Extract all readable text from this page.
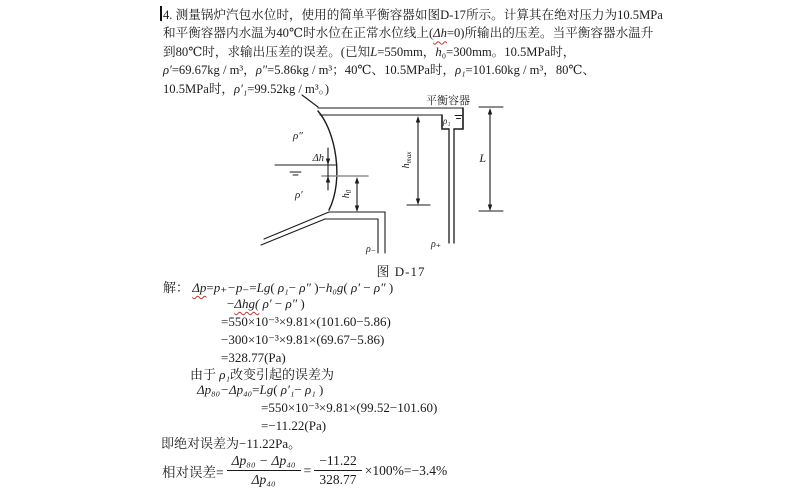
4. 测量锅炉汽包水位时，使用的简单平衡容器如图D-17所示。计算其在绝对压力为10.5MPa
和平衡容器内水温为40℃时水位在正常水位线上(Δh=0)所输出的压差。当平衡容器水温升
到80℃时，求输出压差的误差。(已知L=550mm，h₀=300mm。10.5MPa时，
ρ′=69.67kg / m³，ρ″=5.86kg / m³；40℃、10.5MPa时，ρ₁=101.60kg / m³，80℃、
10.5MPa时，ρ′₁=99.52kg / m³。)
平衡容器
ρ₁
ρ″
ρ′
Δh
$h_0$
$h_{max}$	L
ρ₋	ρ₊
图 D-17
解： Δp=p₊−p₋=Lg( ρ₁− ρ″ )−h₀g( ρ′ − ρ″ )
−Δhg( ρ′ − ρ″ )
=550×10⁻³×9.81×(101.60−5.86)
−300×10⁻³×9.81×(69.67−5.86)
=328.77(Pa)
由于 ρ₁改变引起的误差为
Δp₈₀−Δp₄₀=Lg( ρ′₁− ρ₁ )
=550×10⁻³×9.81×(99.52−101.60)
=−11.22(Pa)
即绝对误差为−11.22Pa。
相对误差= $\frac{\text{Δp₈₀ − Δp₄₀}}{\text{Δp₄₀}} = \frac{-11.22}{328.77} \times 100\%=-3.4\%$
